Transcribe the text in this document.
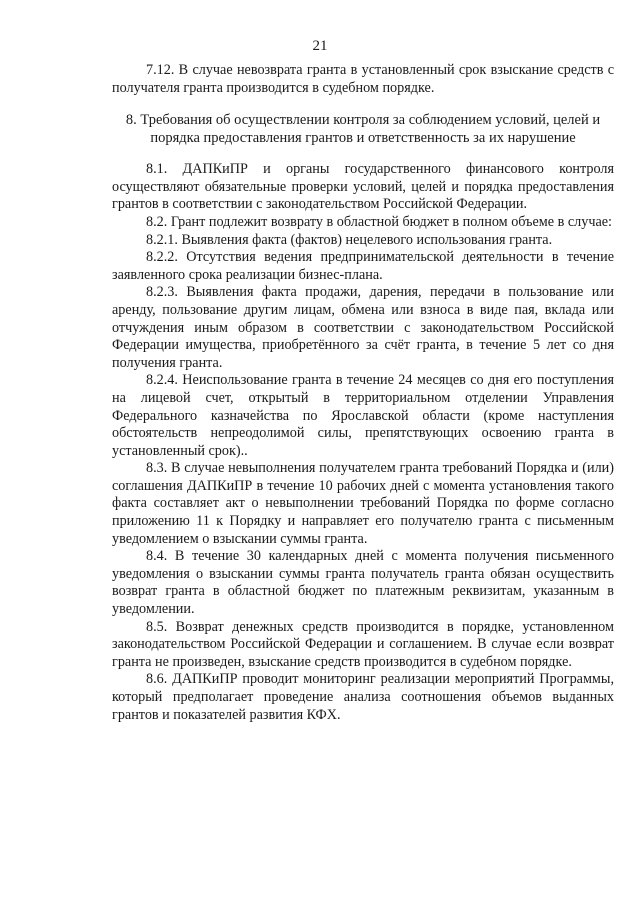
21

7.12. В случае невозврата гранта в установленный срок взыскание средств с получателя гранта производится в судебном порядке.

8. Требования об осуществлении контроля за соблюдением условий, целей и порядка предоставления грантов и ответственность за их нарушение

8.1. ДАПКиПР и органы государственного финансового контроля осуществляют обязательные проверки условий, целей и порядка предоставления грантов в соответствии с законодательством Российской Федерации.

8.2. Грант подлежит возврату в областной бюджет в полном объеме в случае:

8.2.1. Выявления факта (фактов) нецелевого использования гранта.

8.2.2. Отсутствия ведения предпринимательской деятельности в течение заявленного срока реализации бизнес-плана.

8.2.3. Выявления факта продажи, дарения, передачи в пользование или аренду, пользование другим лицам, обмена или взноса в виде пая, вклада или отчуждения иным образом в соответствии с законодательством Российской Федерации имущества, приобретённого за счёт гранта, в течение 5 лет со дня получения гранта.

8.2.4. Неиспользование гранта в течение 24 месяцев со дня его поступления на лицевой счет, открытый в территориальном отделении Управления Федерального казначейства по Ярославской области (кроме наступления обстоятельств непреодолимой силы, препятствующих освоению гранта в установленный срок)..

8.3. В случае невыполнения получателем гранта требований Порядка и (или) соглашения ДАПКиПР в течение 10 рабочих дней с момента установления такого факта составляет акт о невыполнении требований Порядка по форме согласно приложению 11 к Порядку и направляет его получателю гранта с письменным уведомлением о взыскании суммы гранта.

8.4. В течение 30 календарных дней с момента получения письменного уведомления о взыскании суммы гранта получатель гранта обязан осуществить возврат гранта в областной бюджет по платежным реквизитам, указанным в уведомлении.

8.5. Возврат денежных средств производится в порядке, установленном законодательством Российской Федерации и соглашением. В случае если возврат гранта не произведен, взыскание средств производится в судебном порядке.

8.6. ДАПКиПР проводит мониторинг реализации мероприятий Программы, который предполагает проведение анализа соотношения объемов выданных грантов и показателей развития КФХ.
